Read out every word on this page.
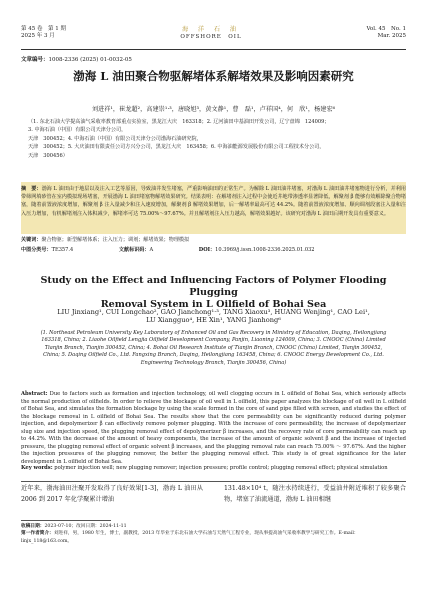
第 45 卷　第 1 期
2025 年 3 月
海 洋 石 油
OFFSHORE　OIL
Vol. 45　No. 1
Mar. 2025
文章编号：1008-2336 (2025) 01-0032-05
渤海 L 油田聚合物驱解堵体系解堵效果及影响因素研究
刘进祥¹，崔龙超²，高建崇¹·³，唐晓旭³，黄文静¹，曹　磊¹，卢祥国⁴，何　欣¹，杨建宏⁶
（1. 东北石油大学提高油气采收率教育部重点实验室，黑龙江大庆　163318；2. 辽河油田中基油田开发公司，辽宁盘锦　124009；
3. 中海石油（中国）有限公司天津分公司，
天津　300452；4. 中海石油（中国）有限公司天津分公司渤海石油研究院，
天津　300452；5. 大庆油田有限责任公司方兴分公司，黑龙江大庆　163458；6. 中海油能源发展股份有限公司工程技术分公司，
天津　300456）
摘　要：渤海 L 油田由于地层以及注入工艺等原因，导致油井发生堵塞，严重影响油田的正常生产。为解除 L 油田油井堵塞，对渤海 L 油田油井堵塞物进行分析，并利用带筛网填砂管在室内模拟现场堵塞，开展渤海 L 油田堵塞物解堵效果研究。结果表明：在解堵剂注入过程中会使近井地带渗透率显著降低，解聚剂 β 能够有效解除聚合物堵塞，随着前置液浓度增加，解聚剂 β 注入量减少和注入速度增加，解聚剂 β 解堵效果增加，后一解堵率最高可达 44.2%。随着前置液浓度增加、顺向调剂段塞注入量和注入压力增加，有机解堵剂注入体积减少，解堵率可达 75.00%～97.67%。并且解堵剂注入压力越高，解堵效果越好。该研究对渤海 L 油田后期开发具有重要意义。
关键词：聚合物驱；新型解堵体系；注入压力；调剂；解堵效果；物理模拟
中图分类号：TE357.4	文献标识码：A	DOI：10.3969/j.issn.1008-2336.2025.01.032
Study on the Effect and Influencing Factors of Polymer Flooding Plugging
Removal System in L Oilfield of Bohai Sea
LIU Jinxiang¹, CUI Longchao², GAO Jianchong¹·³, TANG Xiaoxu³, HUANG Wenjing¹, CAO Lei¹,
LU Xiangguo⁴, HE Xin¹, YANG Jianhong⁶
(1. Northeast Petroleum University Key Laboratory of Enhanced Oil and Gas Recovery in Ministry of Education, Daqing, Heilongjiang
163318, China; 2. Liaohe Oilfield Lengjia Oilfield Development Company, Panjin, Liaoning 124009, China; 3. CNOOC (China) Limited
Tianjin Branch, Tianjin 300452, China; 4. Bohai Oil Research Institute of Tianjin Branch, CNOOC (China) Limited, Tianjin 300452,
China; 5. Daqing Oilfield Co., Ltd. Fangxing Branch, Daqing, Heilongjiang 163458, China; 6. CNOOC Energy Development Co., Ltd.
Engineering Technology Branch, Tianjin 300456, China)
Abstract: Due to factors such as formation and injection technology, oil well clogging occurs in L oilfield of Bohai Sea, which seriously affects the normal production of oilfields. In order to relieve the blockage of oil well in L oilfield, this paper analyzes the blockage of oil well in L oilfield of Bohai Sea, and simulates the formation blockage by using the scale formed in the core of sand pipe filled with screen, and studies the effect of the blockage removal in L oilfield of Bohai Sea. The results show that the core permeability can be significantly reduced during polymer injection, and depolymerizer β can effectively remove polymer plugging. With the increase of core permeability, the increase of depolymerizer slug size and injection speed, the plugging removal effect of depolymerizer β increases, and the recovery rate of core permeability can reach up to 44.2%. With the decrease of the amount of heavy components, the increase of the amount of organic solvent β and the increase of injected pressure, the plugging removal effect of organic solvent β increases, and the plugging removal rate can reach 75.00% ～ 97.67%. And the higher the injection pressures of the plugging remover, the better the plugging removal effect. This study is of great significance for the later development in L oilfield of Bohai Sea.
Key words: polymer injection well; new plugging remover; injection pressure; profile control; plugging removal effect; physical simulation
近年来，渤海油田注聚开发取得了良好效果[1-3]，渤海 L 油田从 2006 到 2017 年化学聚累计增油
131.48×10⁴ t，随注水持续进行，受益油井附近堆积了较多聚合物，堵塞了油流通道，渤海 L 油田相继
收稿日期：2023-07-10；改回日期：2024-11-11
第一作者简介：刘进祥，男，1980 年生，博士，副教授，2013 年毕业于东北石油大学石油与天然气工程专业，现从事提高油气采收率教学与研究工作。E-mail：linjx_118@163.com。
